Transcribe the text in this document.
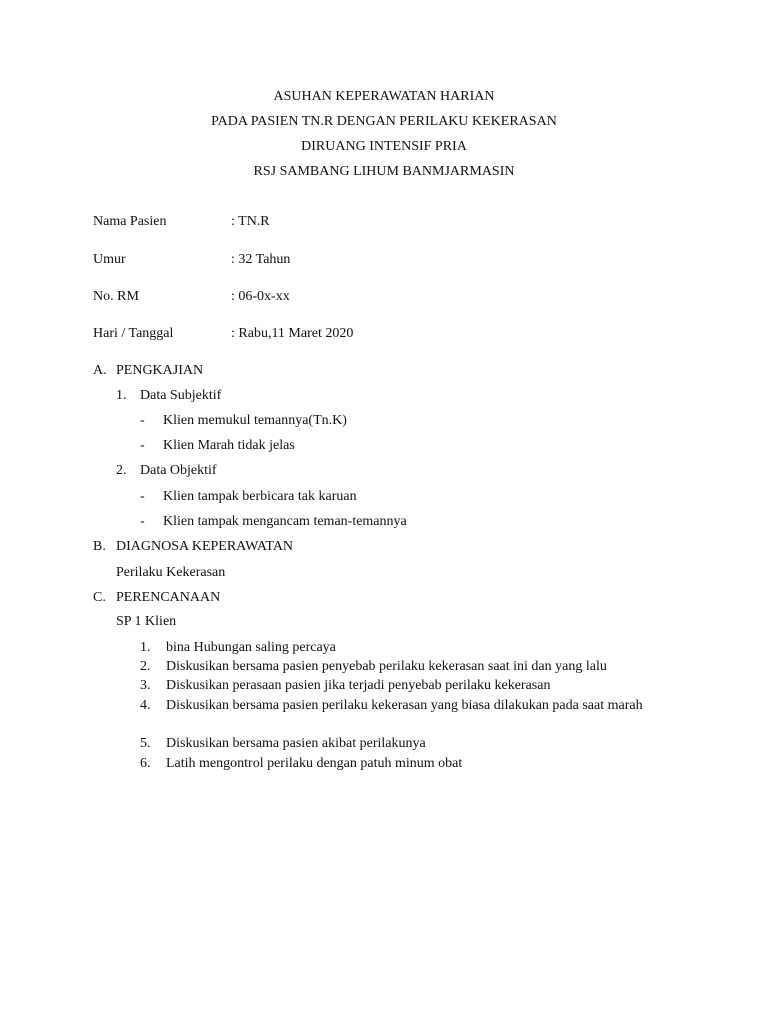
ASUHAN KEPERAWATAN HARIAN
PADA PASIEN TN.R DENGAN PERILAKU KEKERASAN
DIRUANG INTENSIF PRIA
RSJ SAMBANG LIHUM BANMJARMASIN
Nama Pasien	: TN.R
Umur	: 32 Tahun
No. RM	: 06-0x-xx
Hari / Tanggal	: Rabu,11 Maret 2020
A. PENGKAJIAN
1. Data Subjektif
- Klien memukul temannya(Tn.K)
- Klien Marah tidak jelas
2. Data Objektif
- Klien tampak berbicara tak karuan
- Klien tampak mengancam teman-temannya
B. DIAGNOSA KEPERAWATAN
Perilaku Kekerasan
C. PERENCANAAN
SP 1 Klien
1. bina Hubungan saling percaya
2. Diskusikan bersama pasien penyebab perilaku kekerasan saat ini dan yang lalu
3. Diskusikan perasaan pasien jika terjadi penyebab perilaku kekerasan
4. Diskusikan bersama pasien perilaku kekerasan yang biasa dilakukan pada saat marah
5. Diskusikan bersama pasien akibat perilakunya
6. Latih mengontrol perilaku dengan patuh minum obat
